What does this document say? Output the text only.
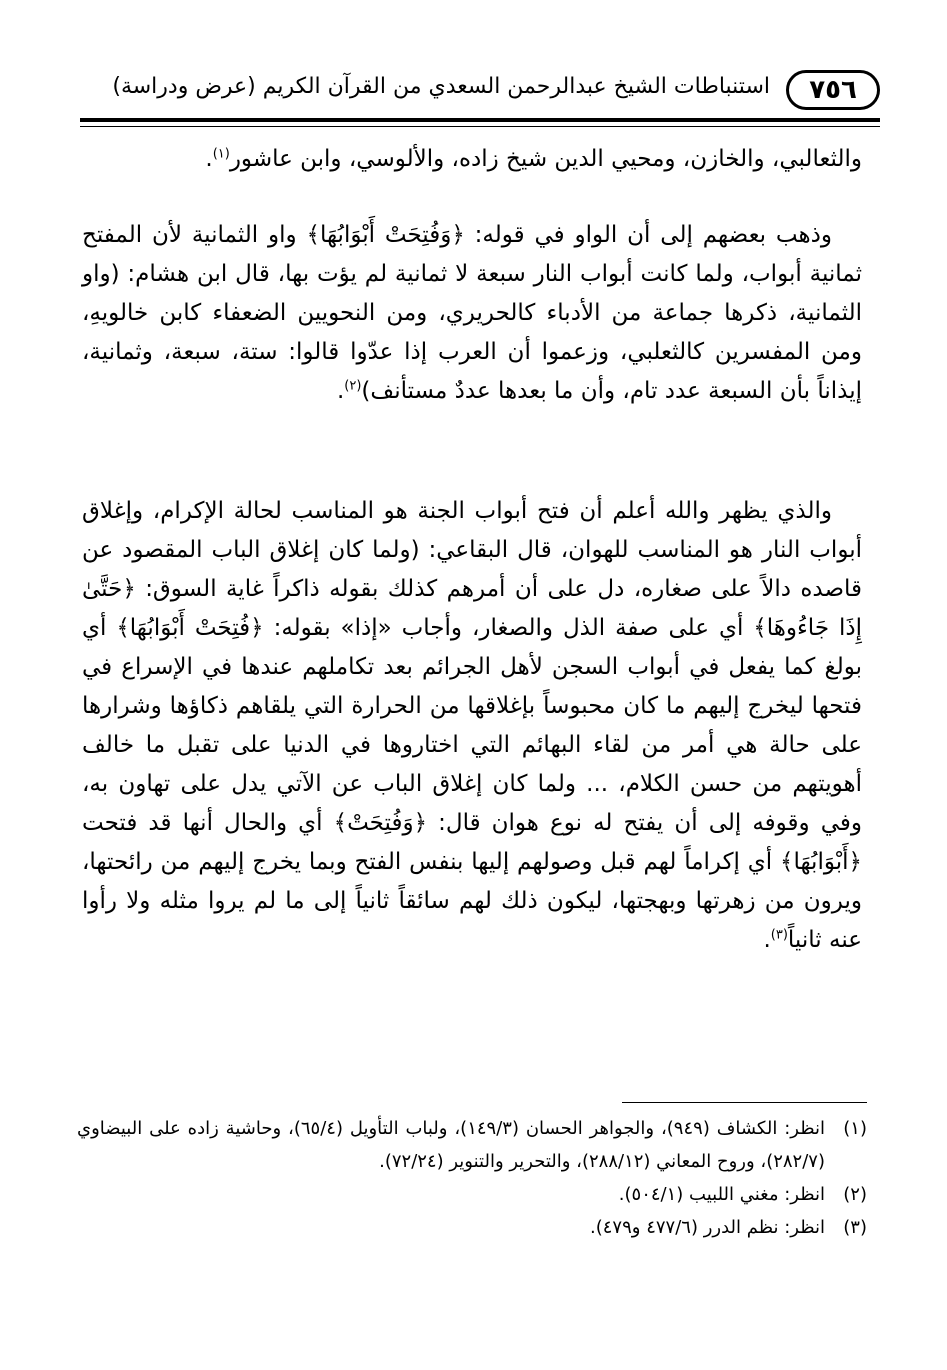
٧٥٦
استنباطات الشيخ عبدالرحمن السعدي من القرآن الكريم (عرض ودراسة)

والثعالبي، والخازن، ومحيي الدين شيخ زاده، والألوسي، وابن عاشور$^{(١)}$.

وذهب بعضهم إلى أن الواو في قوله: ﴿وَفُتِحَتْ أَبْوَابُهَا﴾ واو الثمانية لأن المفتح ثمانية أبواب، ولما كانت أبواب النار سبعة لا ثمانية لم يؤت بها، قال ابن هشام: (واو الثمانية، ذكرها جماعة من الأدباء كالحريري، ومن النحويين الضعفاء كابن خالويهِ، ومن المفسرين كالثعلبي، وزعموا أن العرب إذا عدّوا قالوا: ستة، سبعة، وثمانية، إيذاناً بأن السبعة عدد تام، وأن ما بعدها عددٌ مستأنف)$^{(٢)}$.

والذي يظهر والله أعلم أن فتح أبواب الجنة هو المناسب لحالة الإكرام، وإغلاق أبواب النار هو المناسب للهوان، قال البقاعي: (ولما كان إغلاق الباب المقصود عن قاصده دالاً على صغاره، دل على أن أمرهم كذلك بقوله ذاكراً غاية السوق: ﴿حَتَّىٰ إِذَا جَاءُوهَا﴾ أي على صفة الذل والصغار، وأجاب «إذا» بقوله: ﴿فُتِحَتْ أَبْوَابُهَا﴾ أي بولغ كما يفعل في أبواب السجن لأهل الجرائم بعد تكاملهم عندها في الإسراع في فتحها ليخرج إليهم ما كان محبوساً بإغلاقها من الحرارة التي يلقاهم ذكاؤها وشرارها على حالة هي أمر من لقاء البهائم التي اختاروها في الدنيا على تقبل ما خالف أهويتهم من حسن الكلام، ... ولما كان إغلاق الباب عن الآتي يدل على تهاون به، وفي وقوفه إلى أن يفتح له نوع هوان قال: ﴿وَفُتِحَتْ﴾ أي والحال أنها قد فتحت ﴿أَبْوَابُهَا﴾ أي إكراماً لهم قبل وصولهم إليها بنفس الفتح وبما يخرج إليهم من رائحتها، ويرون من زهرتها وبهجتها، ليكون ذلك لهم سائقاً ثانياً إلى ما لم يروا مثله ولا رأوا عنه ثانياً$^{(٣)}$.

(١)
انظر: الكشاف (٩٤٩)، والجواهر الحسان (١٤٩/٣)، ولباب التأويل (٦٥/٤)، وحاشية زاده على البيضاوي (٢٨٢/٧)، وروح المعاني (٢٨٨/١٢)، والتحرير والتنوير (٧٢/٢٤).

(٢)
انظر: مغني اللبيب (٥٠٤/١).

(٣)
انظر: نظم الدرر (٤٧٧/٦ و٤٧٩).
